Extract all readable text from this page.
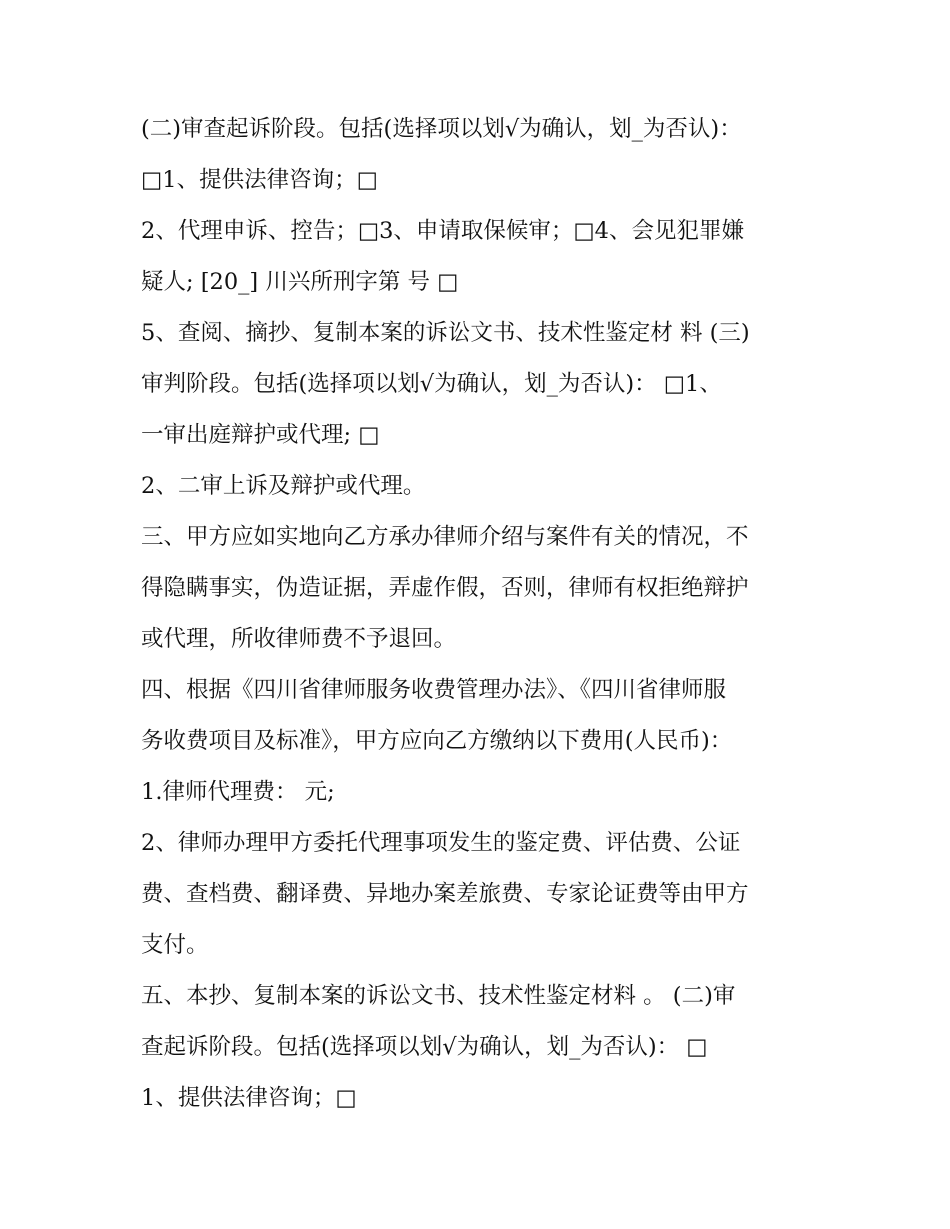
(二)审查起诉阶段。包括(选择项以划√为确认，划_为否认)：
□1、提供法律咨询；□
2、代理申诉、控告；□3、申请取保候审；□4、会见犯罪嫌
疑人; [20_] 川兴所刑字第 号 □
5、查阅、摘抄、复制本案的诉讼文书、技术性鉴定材 料 (三)
审判阶段。包括(选择项以划√为确认，划_为否认)： □1、
一审出庭辩护或代理; □
2、二审上诉及辩护或代理。
三、甲方应如实地向乙方承办律师介绍与案件有关的情况，不
得隐瞒事实，伪造证据，弄虚作假，否则，律师有权拒绝辩护
或代理，所收律师费不予退回。
四、根据《四川省律师服务收费管理办法》、《四川省律师服
务收费项目及标准》，甲方应向乙方缴纳以下费用(人民币)：
1.律师代理费： 元;
2、律师办理甲方委托代理事项发生的鉴定费、评估费、公证
费、查档费、翻译费、异地办案差旅费、专家论证费等由甲方
支付。
五、本抄、复制本案的诉讼文书、技术性鉴定材料 。 (二)审
查起诉阶段。包括(选择项以划√为确认，划_为否认)： □
1、提供法律咨询；□
